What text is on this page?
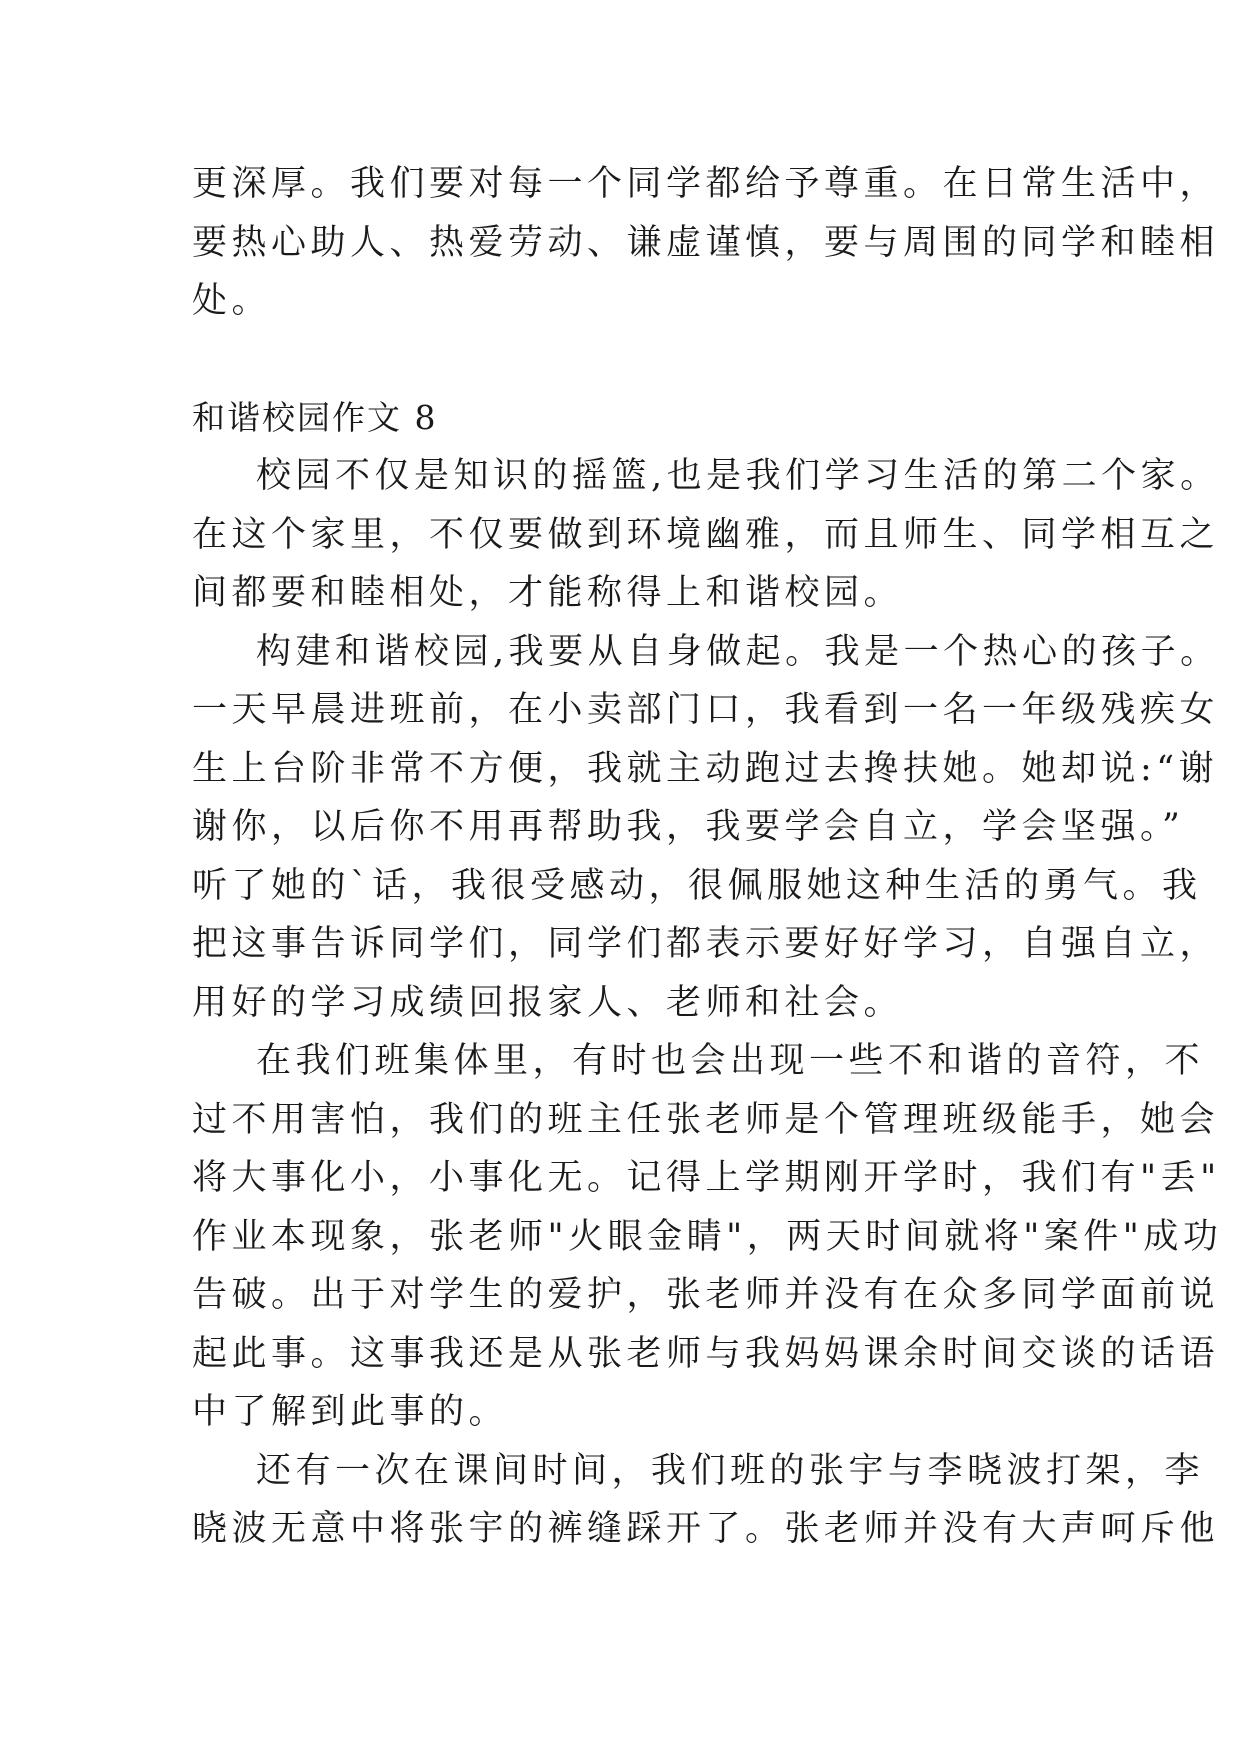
更深厚。我们要对每一个同学都给予尊重。在日常生活中，

要热心助人、热爱劳动、谦虚谨慎，要与周围的同学和睦相

处。

和谐校园作文 8

校园不仅是知识的摇篮,也是我们学习生活的第二个家。

在这个家里，不仅要做到环境幽雅，而且师生、同学相互之

间都要和睦相处，才能称得上和谐校园。

构建和谐校园,我要从自身做起。我是一个热心的孩子。

一天早晨进班前，在小卖部门口，我看到一名一年级残疾女

生上台阶非常不方便，我就主动跑过去搀扶她。她却说:“谢

谢你，以后你不用再帮助我，我要学会自立，学会坚强。”

听了她的`话，我很受感动，很佩服她这种生活的勇气。我

把这事告诉同学们，同学们都表示要好好学习，自强自立，

用好的学习成绩回报家人、老师和社会。

在我们班集体里，有时也会出现一些不和谐的音符，不

过不用害怕，我们的班主任张老师是个管理班级能手，她会

将大事化小，小事化无。记得上学期刚开学时，我们有"丢"

作业本现象，张老师"火眼金睛"，两天时间就将"案件"成功

告破。出于对学生的爱护，张老师并没有在众多同学面前说

起此事。这事我还是从张老师与我妈妈课余时间交谈的话语

中了解到此事的。

还有一次在课间时间，我们班的张宇与李晓波打架，李

晓波无意中将张宇的裤缝踩开了。张老师并没有大声呵斥他
